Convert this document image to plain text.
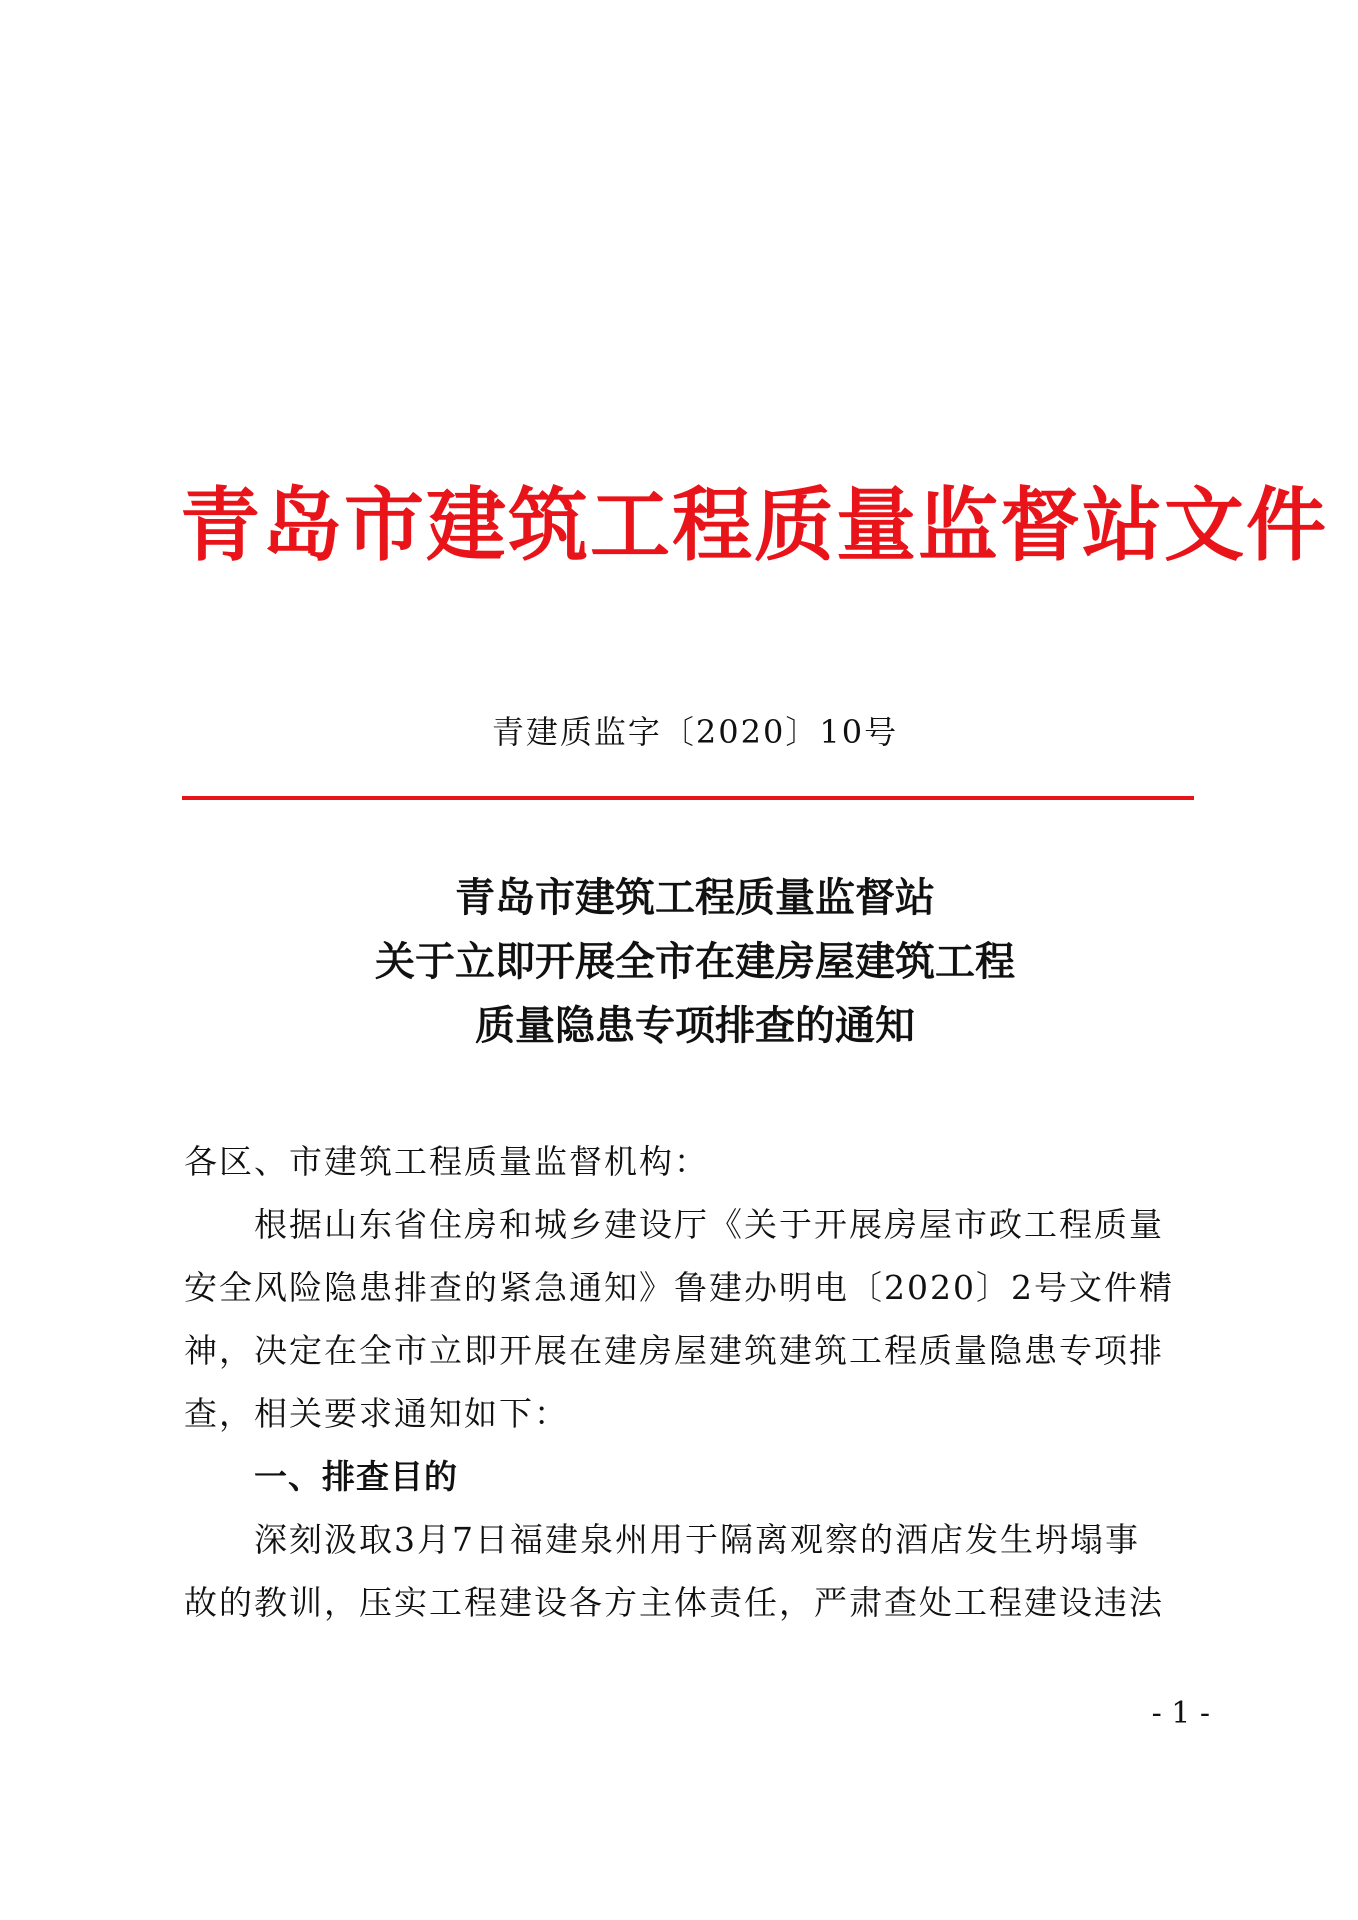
青岛市建筑工程质量监督站文件
青建质监字〔2020〕10号
青岛市建筑工程质量监督站
关于立即开展全市在建房屋建筑工程
质量隐患专项排查的通知
各区、市建筑工程质量监督机构：
根据山东省住房和城乡建设厅《关于开展房屋市政工程质量
安全风险隐患排查的紧急通知》鲁建办明电〔2020〕2号文件精
神，决定在全市立即开展在建房屋建筑建筑工程质量隐患专项排
查，相关要求通知如下：
一、排查目的
深刻汲取3月7日福建泉州用于隔离观察的酒店发生坍塌事
故的教训，压实工程建设各方主体责任，严肃查处工程建设违法
- 1 -
